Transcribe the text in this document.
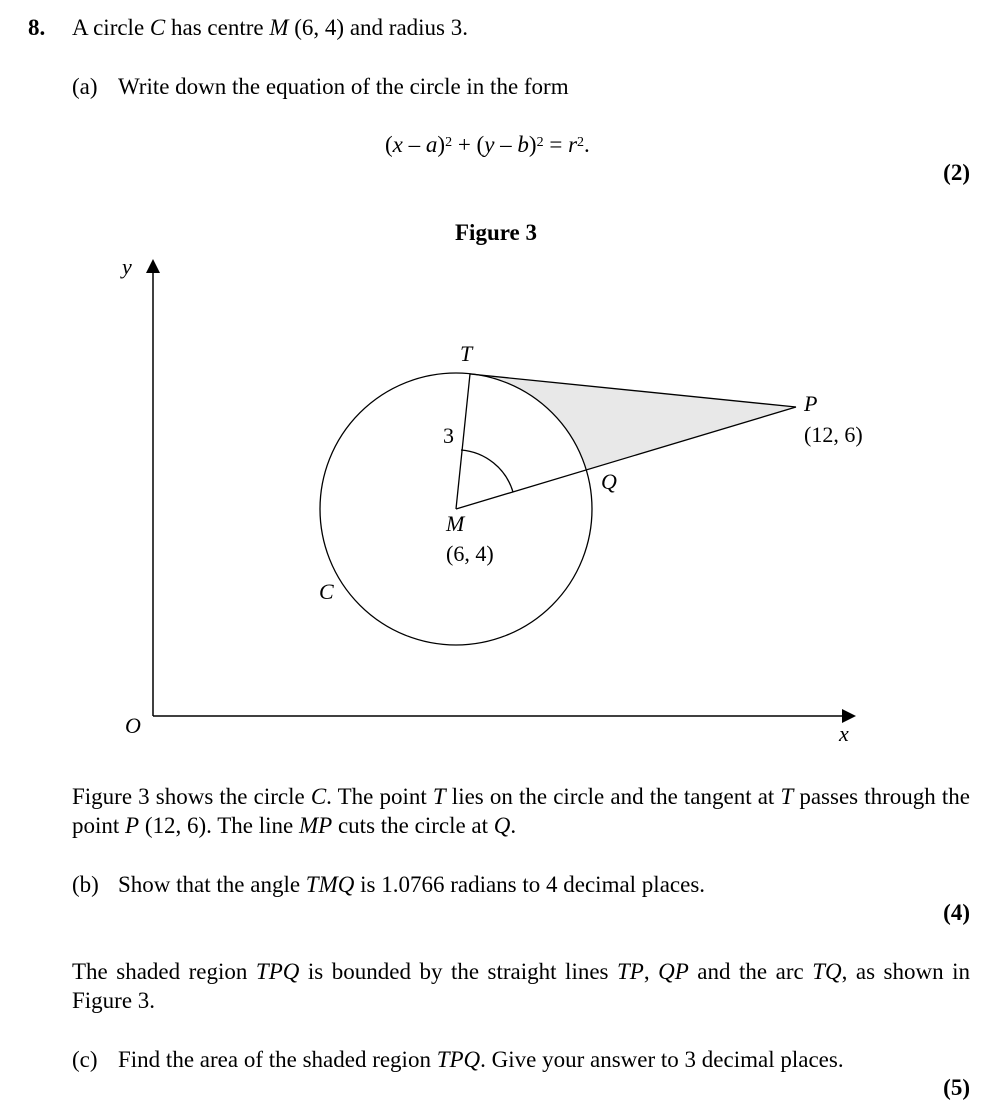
8. A circle C has centre M (6, 4) and radius 3.
(a) Write down the equation of the circle in the form
$(x - a)^2 + (y - b)^2 = r^2$.
(2)
Figure 3
y
x
O
T
P
(12, 6)
Q
M
(6, 4)
3
C
Figure 3 shows the circle C. The point T lies on the circle and the tangent at T passes through the point P (12, 6). The line MP cuts the circle at Q.
(b) Show that the angle TMQ is 1.0766 radians to 4 decimal places.
(4)
The shaded region TPQ is bounded by the straight lines TP, QP and the arc TQ, as shown in Figure 3.
(c) Find the area of the shaded region TPQ. Give your answer to 3 decimal places.
(5)
